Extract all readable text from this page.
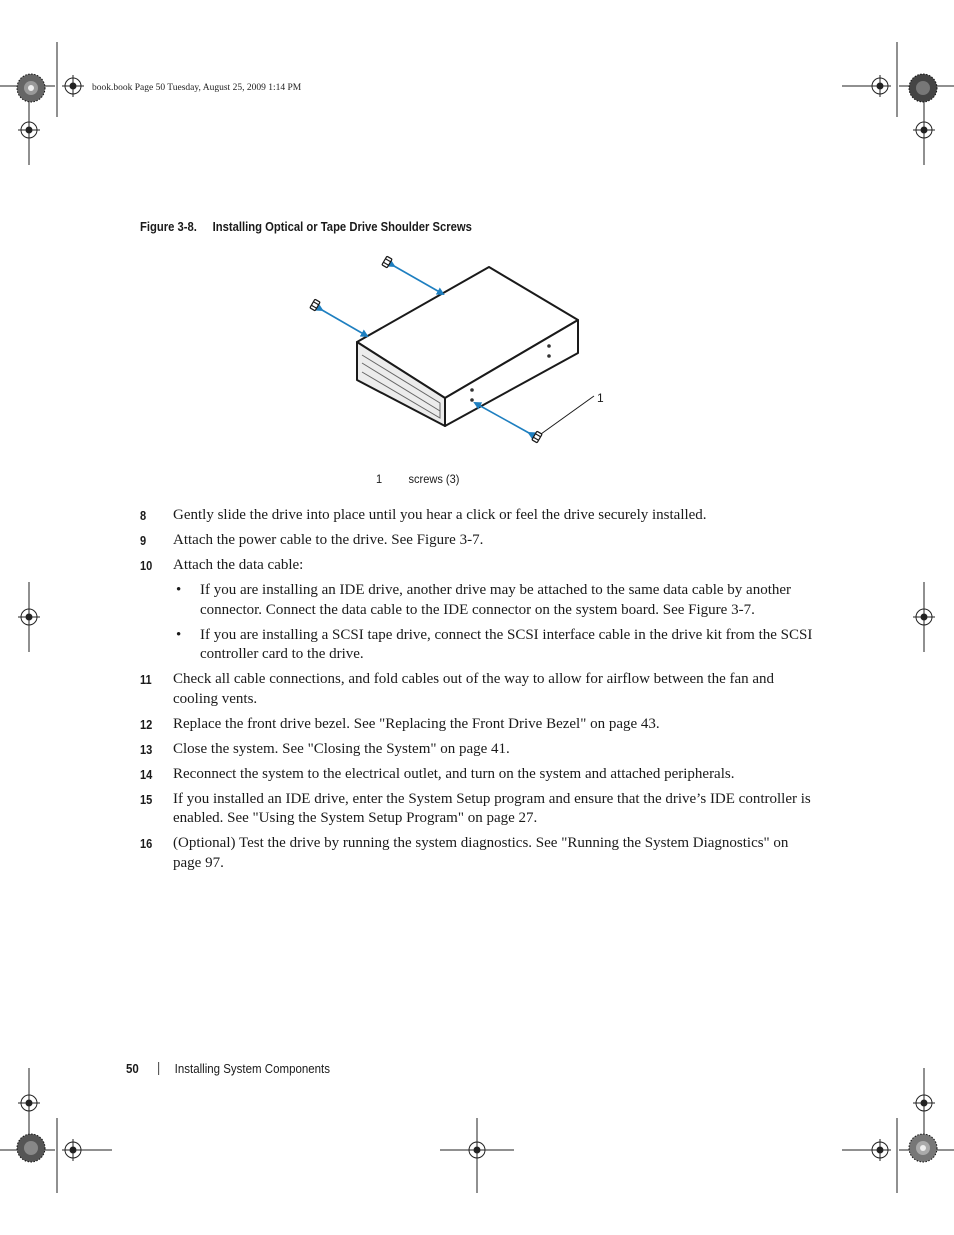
book.book Page 50 Tuesday, August 25, 2009 1:14 PM
Figure 3-8. Installing Optical or Tape Drive Shoulder Screws
1
1 screws (3)
8 Gently slide the drive into place until you hear a click or feel the drive securely installed.
9 Attach the power cable to the drive. See Figure 3-7.
10 Attach the data cable:
• If you are installing an IDE drive, another drive may be attached to the same data cable by another connector. Connect the data cable to the IDE connector on the system board. See Figure 3-7.
• If you are installing a SCSI tape drive, connect the SCSI interface cable in the drive kit from the SCSI controller card to the drive.
11 Check all cable connections, and fold cables out of the way to allow for airflow between the fan and cooling vents.
12 Replace the front drive bezel. See "Replacing the Front Drive Bezel" on page 43.
13 Close the system. See "Closing the System" on page 41.
14 Reconnect the system to the electrical outlet, and turn on the system and attached peripherals.
15 If you installed an IDE drive, enter the System Setup program and ensure that the drive’s IDE controller is enabled. See "Using the System Setup Program" on page 27.
16 (Optional) Test the drive by running the system diagnostics. See "Running the System Diagnostics" on page 97.
50	Installing System Components
